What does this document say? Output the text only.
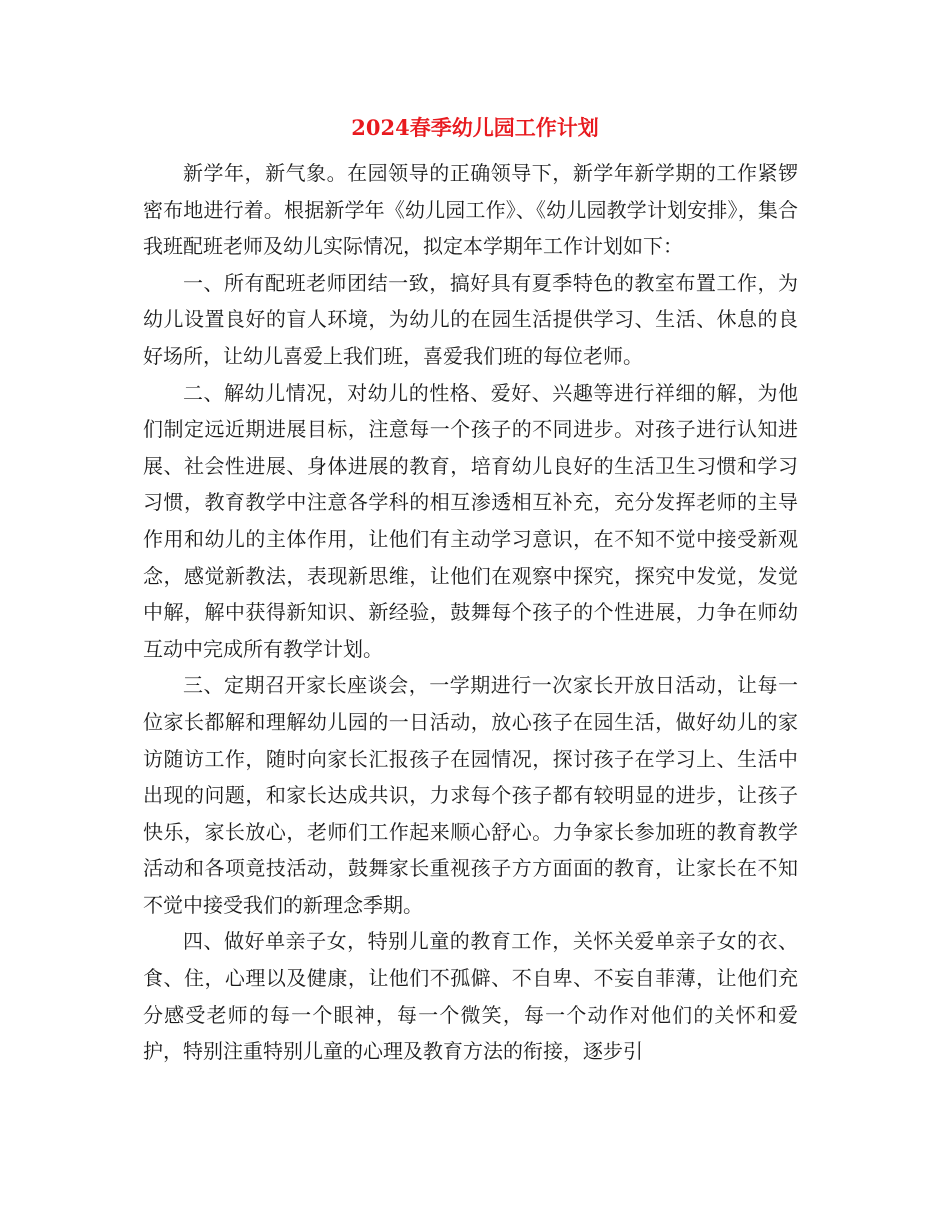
2024春季幼儿园工作计划

新学年，新气象。在园领导的正确领导下，新学年新学期的工作紧锣密布地进行着。根据新学年《幼儿园工作》、《幼儿园教学计划安排》，集合我班配班老师及幼儿实际情况，拟定本学期年工作计划如下：

一、所有配班老师团结一致，搞好具有夏季特色的教室布置工作，为幼儿设置良好的盲人环境，为幼儿的在园生活提供学习、生活、休息的良好场所，让幼儿喜爱上我们班，喜爱我们班的每位老师。

二、解幼儿情况，对幼儿的性格、爱好、兴趣等进行祥细的解，为他们制定远近期进展目标，注意每一个孩子的不同进步。对孩子进行认知进展、社会性进展、身体进展的教育，培育幼儿良好的生活卫生习惯和学习习惯，教育教学中注意各学科的相互渗透相互补充，充分发挥老师的主导作用和幼儿的主体作用，让他们有主动学习意识，在不知不觉中接受新观念，感觉新教法，表现新思维，让他们在观察中探究，探究中发觉，发觉中解，解中获得新知识、新经验，鼓舞每个孩子的个性进展，力争在师幼互动中完成所有教学计划。

三、定期召开家长座谈会，一学期进行一次家长开放日活动，让每一位家长都解和理解幼儿园的一日活动，放心孩子在园生活，做好幼儿的家访随访工作，随时向家长汇报孩子在园情况，探讨孩子在学习上、生活中出现的问题，和家长达成共识，力求每个孩子都有较明显的进步，让孩子快乐，家长放心，老师们工作起来顺心舒心。力争家长参加班的教育教学活动和各项竟技活动，鼓舞家长重视孩子方方面面的教育，让家长在不知不觉中接受我们的新理念季期。

四、做好单亲子女，特别儿童的教育工作，关怀关爱单亲子女的衣、食、住，心理以及健康，让他们不孤僻、不自卑、不妄自菲薄，让他们充分感受老师的每一个眼神，每一个微笑，每一个动作对他们的关怀和爱护，特别注重特别儿童的心理及教育方法的衔接，逐步引
